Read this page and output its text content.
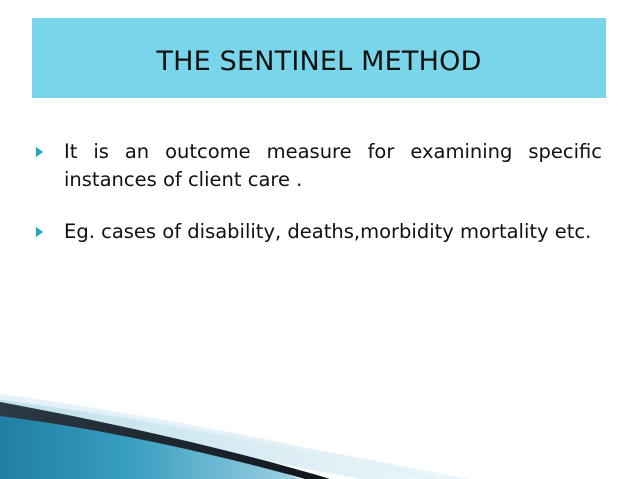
THE SENTINEL METHOD
It is an outcome measure for examining specific instances of client care .
Eg. cases of disability, deaths,morbidity mortality etc.
